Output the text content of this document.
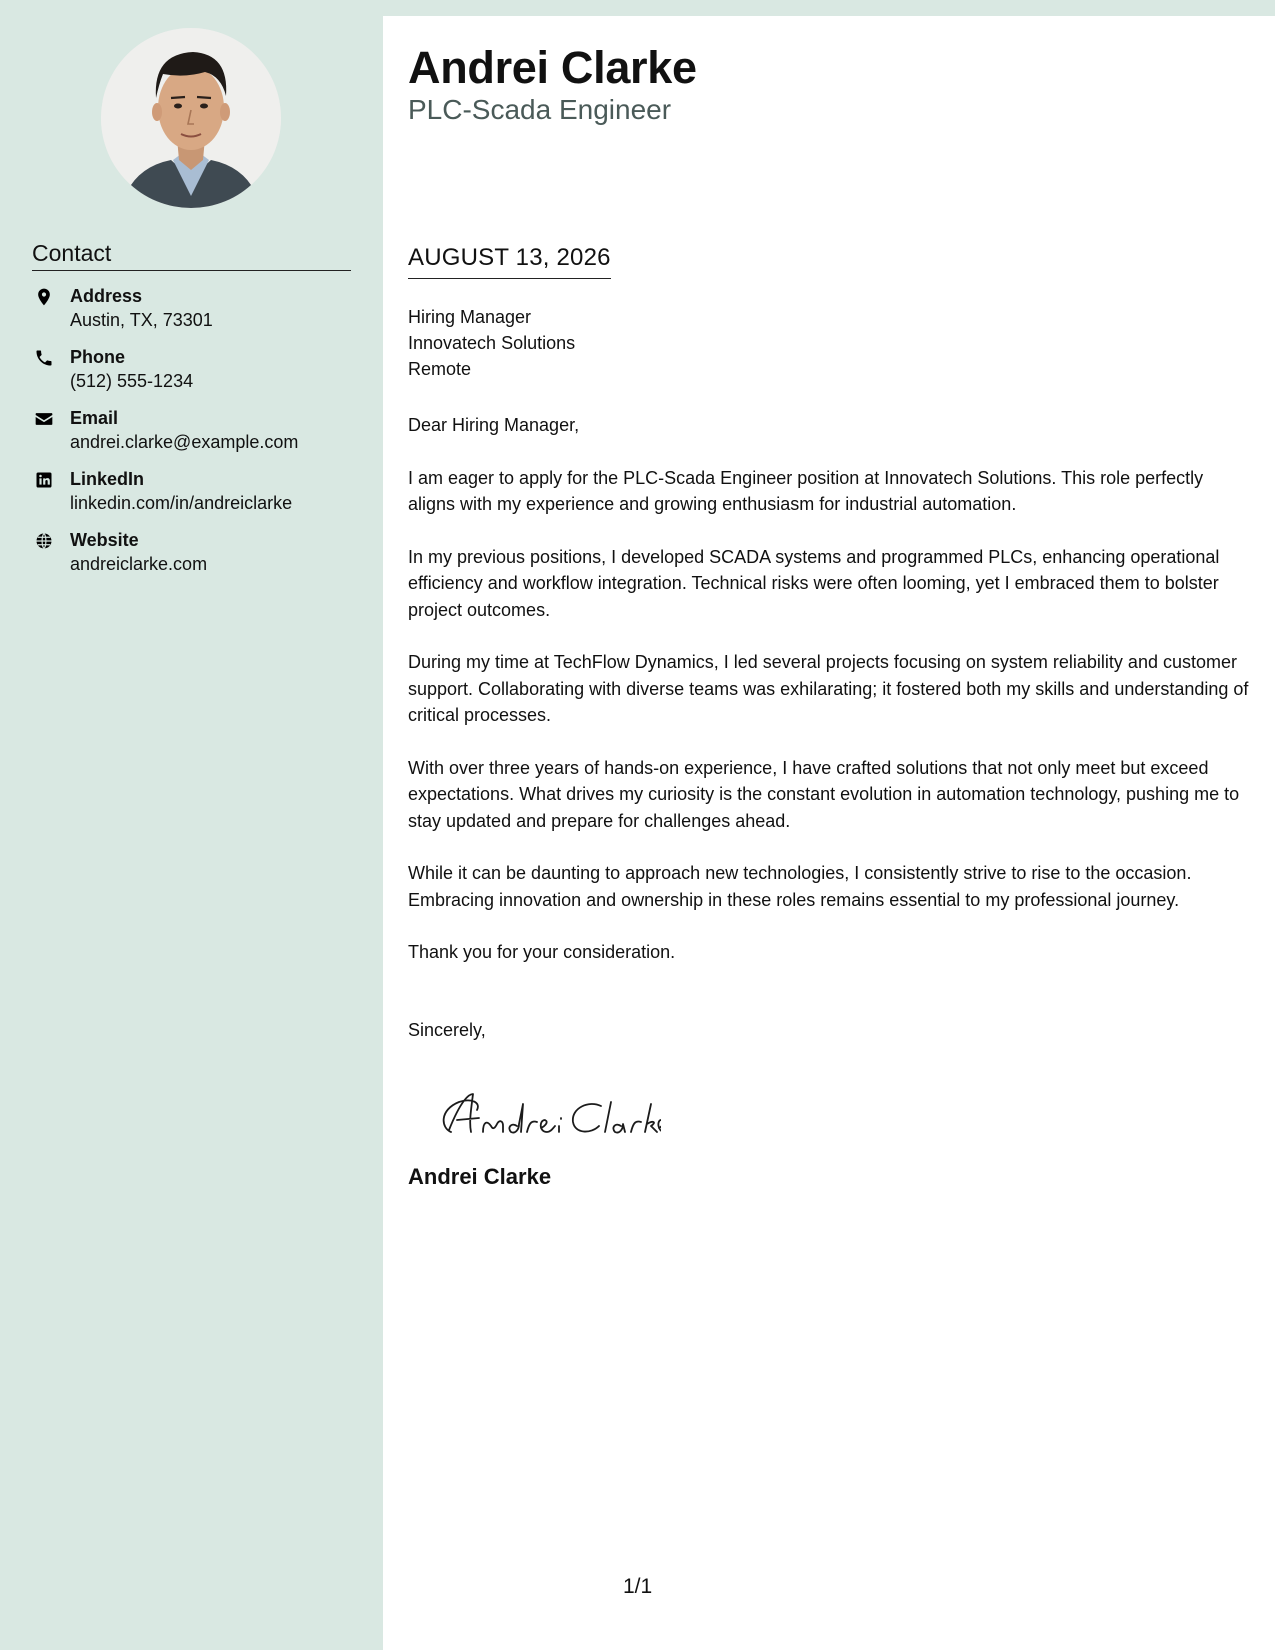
Contact
Address
Austin, TX, 73301
Phone
(512) 555-1234
Email
andrei.clarke@example.com
LinkedIn
linkedin.com/in/andreiclarke
Website
andreiclarke.com
Andrei Clarke
PLC-Scada Engineer
AUGUST 13, 2026
Hiring Manager
Innovatech Solutions
Remote

Dear Hiring Manager,

I am eager to apply for the PLC-Scada Engineer position at Innovatech Solutions. This role perfectly aligns with my experience and growing enthusiasm for industrial automation.

In my previous positions, I developed SCADA systems and programmed PLCs, enhancing operational efficiency and workflow integration. Technical risks were often looming, yet I embraced them to bolster project outcomes.

During my time at TechFlow Dynamics, I led several projects focusing on system reliability and customer support. Collaborating with diverse teams was exhilarating; it fostered both my skills and understanding of critical processes.

With over three years of hands-on experience, I have crafted solutions that not only meet but exceed expectations. What drives my curiosity is the constant evolution in automation technology, pushing me to stay updated and prepare for challenges ahead.

While it can be daunting to approach new technologies, I consistently strive to rise to the occasion. Embracing innovation and ownership in these roles remains essential to my professional journey.

Thank you for your consideration.

Sincerely,
Andrei Clarke
1/1
